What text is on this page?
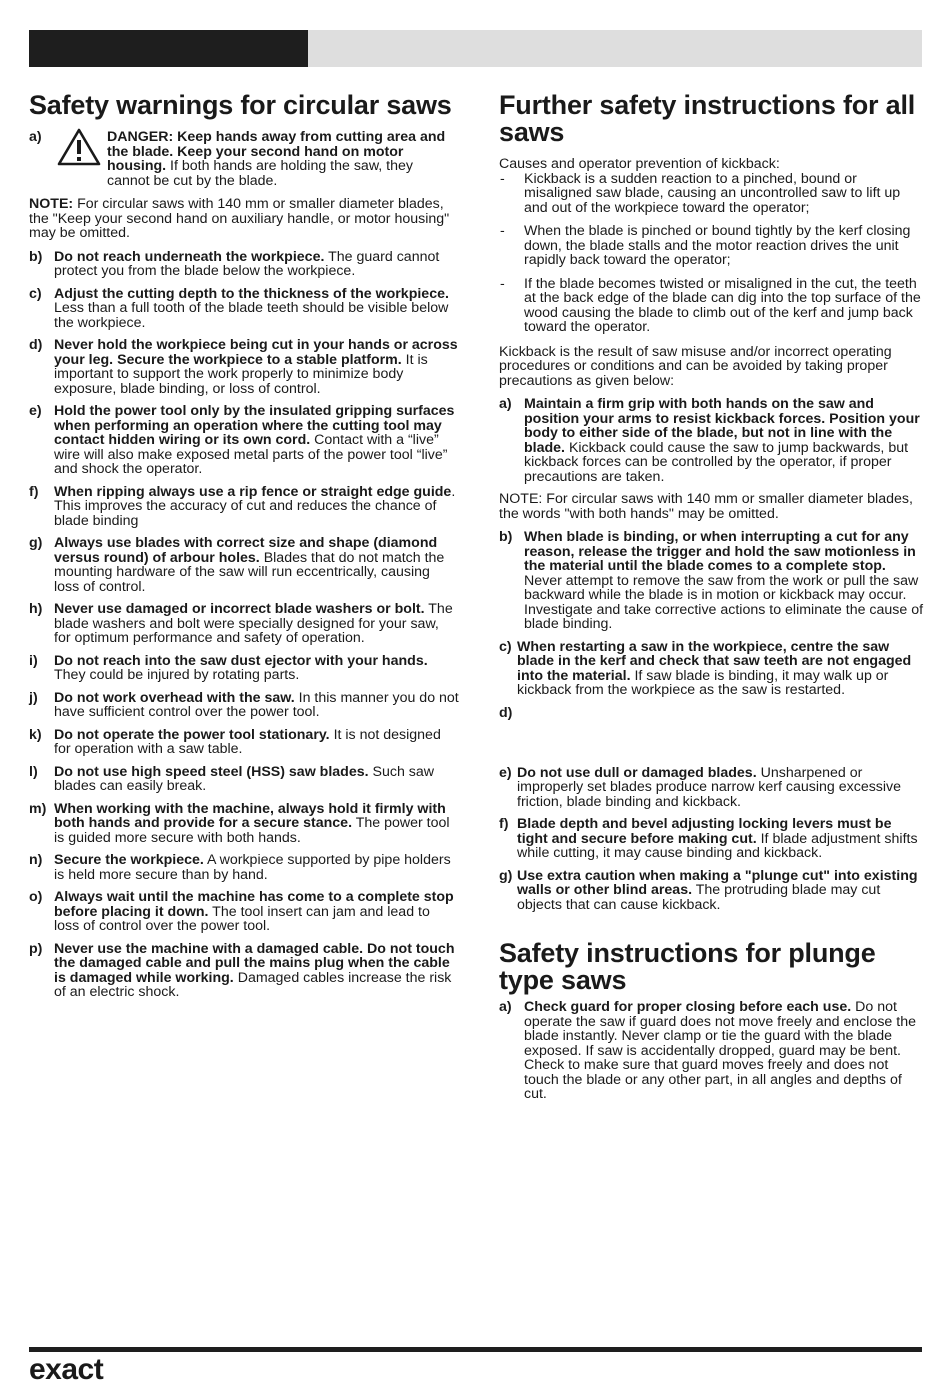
Safety warnings for circular saws
a)	DANGER: Keep hands away from cutting area and the blade. Keep your second hand on motor housing. If both hands are holding the saw, they cannot be cut by the blade.

NOTE: For circular saws with 140 mm or smaller diameter blades, the "Keep your second hand on auxiliary handle, or motor housing" may be omitted.

b) Do not reach underneath the workpiece. The guard cannot protect you from the blade below the workpiece.
c) Adjust the cutting depth to the thickness of the workpiece. Less than a full tooth of the blade teeth should be visible below the workpiece.
d) Never hold the workpiece being cut in your hands or across your leg. Secure the workpiece to a stable platform. It is important to support the work properly to minimize body exposure, blade binding, or loss of control.
e) Hold the power tool only by the insulated gripping surfaces when performing an operation where the cutting tool may contact hidden wiring or its own cord. Contact with a “live” wire will also make exposed metal parts of the power tool “live” and shock the operator.
f) When ripping always use a rip fence or straight edge guide. This improves the accuracy of cut and reduces the chance of blade binding
g) Always use blades with correct size and shape (diamond versus round) of arbour holes. Blades that do not match the mounting hardware of the saw will run eccentrically, causing loss of control.
h) Never use damaged or incorrect blade washers or bolt. The blade washers and bolt were specially designed for your saw, for optimum performance and safety of operation.
i) Do not reach into the saw dust ejector with your hands. They could be injured by rotating parts.
j) Do not work overhead with the saw. In this manner you do not have sufficient control over the power tool.
k) Do not operate the power tool stationary. It is not designed for operation with a saw table.
l) Do not use high speed steel (HSS) saw blades. Such saw blades can easily break.
m) When working with the machine, always hold it firmly with both hands and provide for a secure stance. The power tool is guided more secure with both hands.
n) Secure the workpiece. A workpiece supported by pipe holders is held more secure than by hand.
o) Always wait until the machine has come to a complete stop before placing it down. The tool insert can jam and lead to loss of control over the power tool.
p) Never use the machine with a damaged cable. Do not touch the damaged cable and pull the mains plug when the cable is damaged while working. Damaged cables increase the risk of an electric shock.
Further safety instructions for all saws

Causes and operator prevention of kickback:

- Kickback is a sudden reaction to a pinched, bound or misaligned saw blade, causing an uncontrolled saw to lift up and out of the workpiece toward the operator;
- When the blade is pinched or bound tightly by the kerf closing down, the blade stalls and the motor reaction drives the unit rapidly back toward the operator;
- If the blade becomes twisted or misaligned in the cut, the teeth at the back edge of the blade can dig into the top surface of the wood causing the blade to climb out of the kerf and jump back toward the operator.

Kickback is the result of saw misuse and/or incorrect operating procedures or conditions and can be avoided by taking proper precautions as given below:

a) Maintain a firm grip with both hands on the saw and position your arms to resist kickback forces. Position your body to either side of the blade, but not in line with the blade. Kickback could cause the saw to jump backwards, but kickback forces can be controlled by the operator, if proper precautions are taken.

NOTE: For circular saws with 140 mm or smaller diameter blades, the words "with both hands" may be omitted.

b) When blade is binding, or when interrupting a cut for any reason, release the trigger and hold the saw motionless in the material until the blade comes to a complete stop. Never attempt to remove the saw from the work or pull the saw backward while the blade is in motion or kickback may occur. Investigate and take corrective actions to eliminate the cause of blade binding.
c) When restarting a saw in the workpiece, centre the saw blade in the kerf and check that saw teeth are not engaged into the material. If saw blade is binding, it may walk up or kickback from the workpiece as the saw is restarted.
d)
e) Do not use dull or damaged blades. Unsharpened or improperly set blades produce narrow kerf causing excessive friction, blade binding and kickback.
f) Blade depth and bevel adjusting locking levers must be tight and secure before making cut. If blade adjustment shifts while cutting, it may cause binding and kickback.
g) Use extra caution when making a "plunge cut" into existing walls or other blind areas. The protruding blade may cut objects that can cause kickback.
Safety instructions for plunge type saws
a) Check guard for proper closing before each use. Do not operate the saw if guard does not move freely and enclose the blade instantly. Never clamp or tie the guard with the blade exposed. If saw is accidentally dropped, guard may be bent. Check to make sure that guard moves freely and does not touch the blade or any other part, in all angles and depths of cut.
exact
